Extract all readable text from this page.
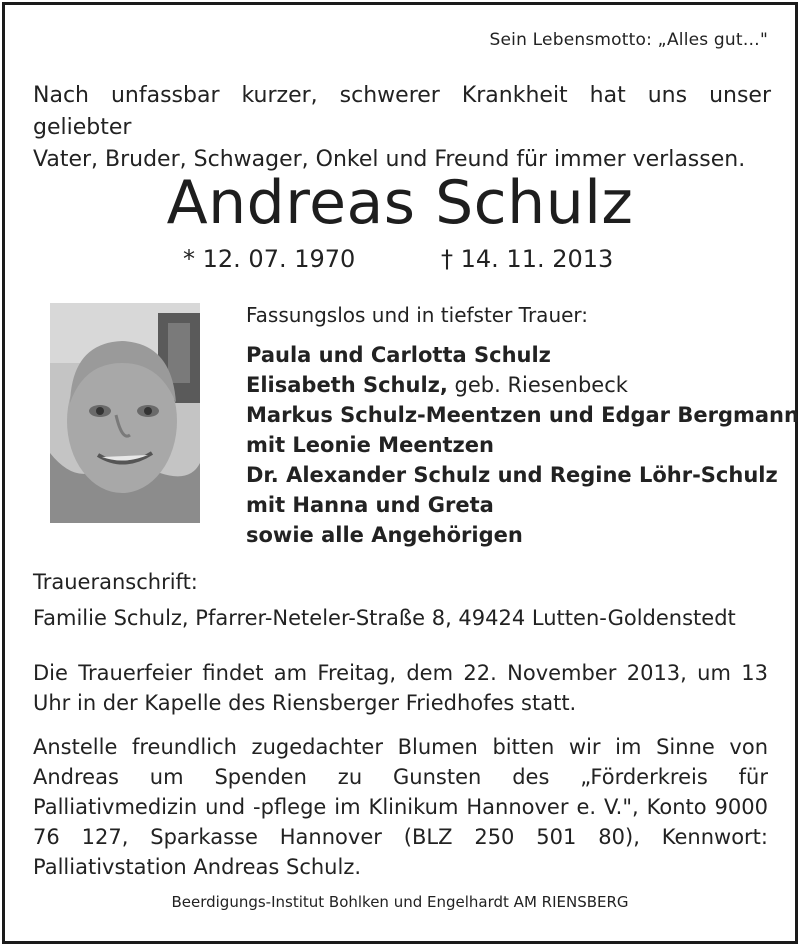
Sein Lebensmotto: „Alles gut…"
Nach unfassbar kurzer, schwerer Krankheit hat uns unser geliebter
Vater, Bruder, Schwager, Onkel und Freund für immer verlassen.
Andreas Schulz
* 12. 07. 1970	† 14. 11. 2013
Fassungslos und in tiefster Trauer:
Paula und Carlotta Schulz
Elisabeth Schulz, geb. Riesenbeck
Markus Schulz-Meentzen und Edgar Bergmann
mit Leonie Meentzen
Dr. Alexander Schulz und Regine Löhr-Schulz
mit Hanna und Greta
sowie alle Angehörigen
Traueranschrift:
Familie Schulz, Pfarrer-Neteler-Straße 8, 49424 Lutten-Goldenstedt
Die Trauerfeier findet am Freitag, dem 22. November 2013, um 13 Uhr in der Kapelle des Riensberger Friedhofes statt.
Anstelle freundlich zugedachter Blumen bitten wir im Sinne von Andreas um Spenden zu Gunsten des „Förderkreis für Palliativmedizin und -pflege im Klinikum Hannover e. V.", Konto 9000 76 127, Sparkasse Hannover (BLZ 250 501 80), Kennwort: Palliativstation Andreas Schulz.
Beerdigungs-Institut Bohlken und Engelhardt AM RIENSBERG
